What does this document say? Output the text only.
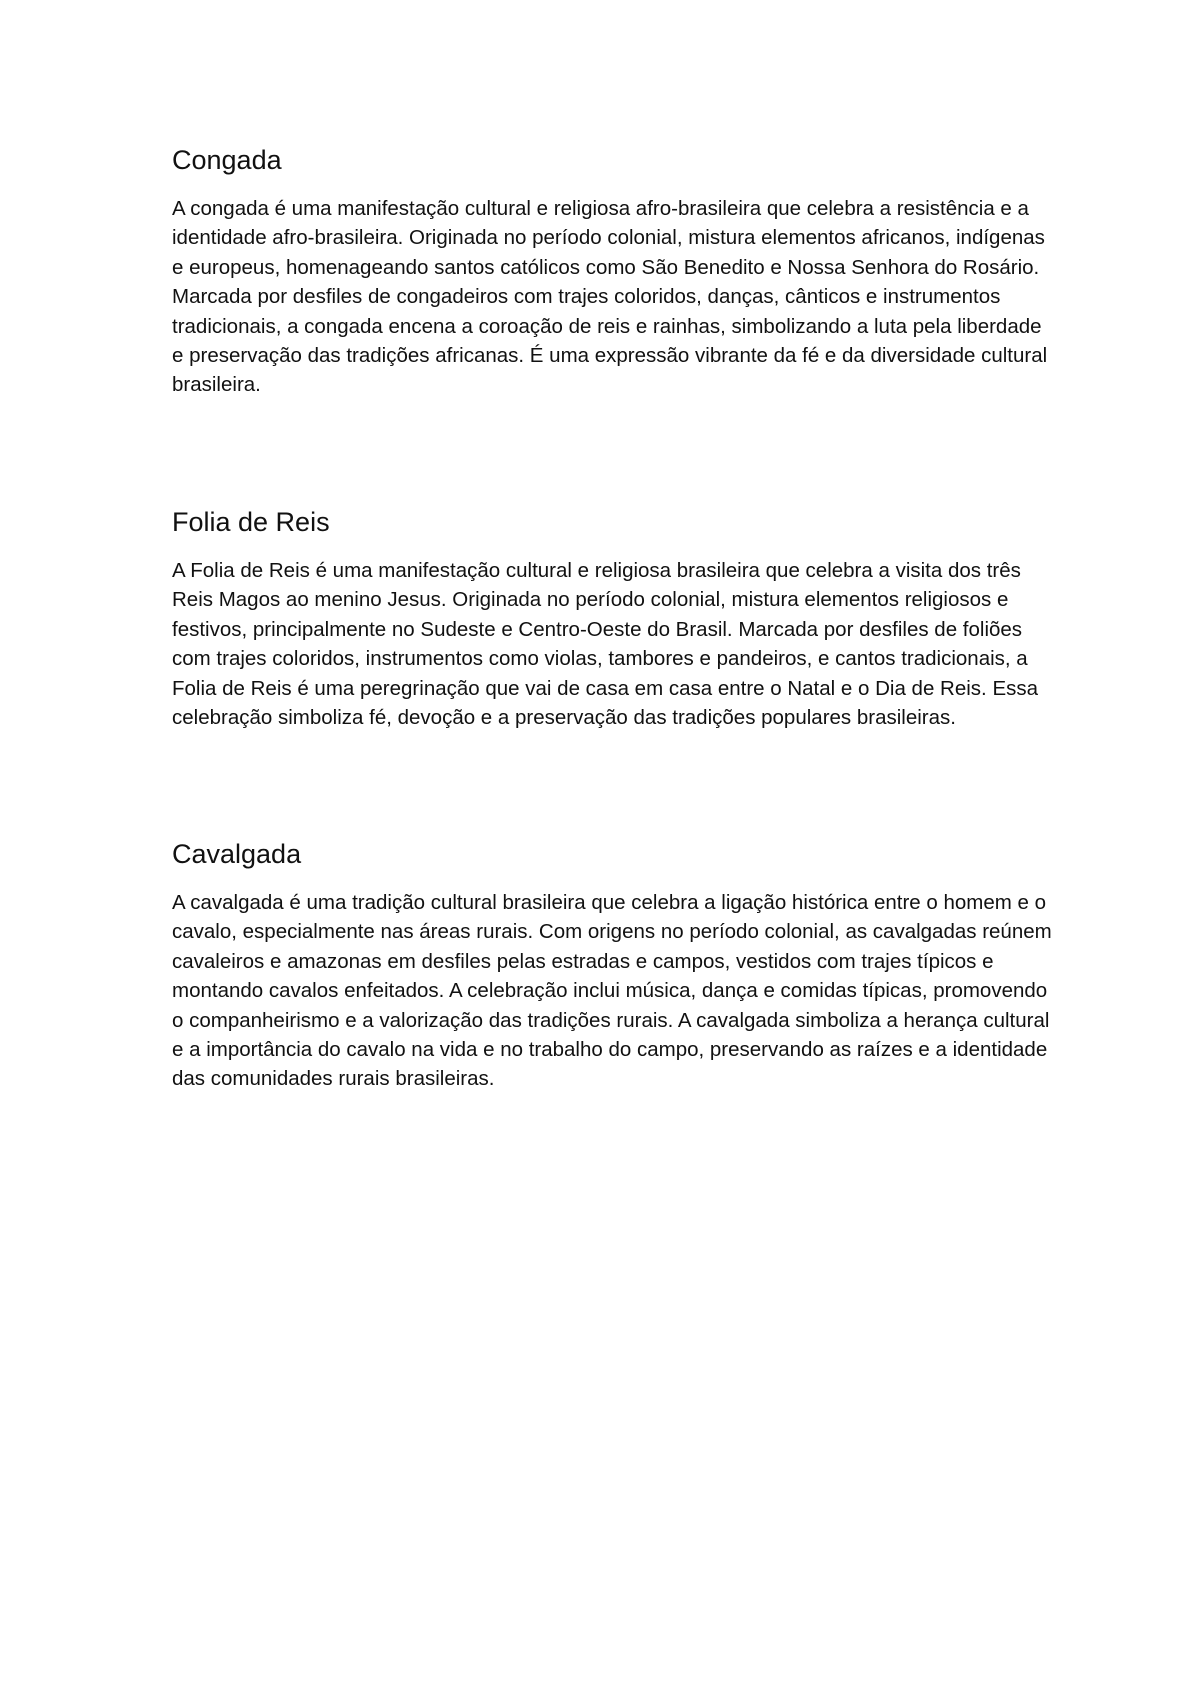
Congada

A congada é uma manifestação cultural e religiosa afro-brasileira que celebra a resistência e a identidade afro-brasileira. Originada no período colonial, mistura elementos africanos, indígenas e europeus, homenageando santos católicos como São Benedito e Nossa Senhora do Rosário. Marcada por desfiles de congadeiros com trajes coloridos, danças, cânticos e instrumentos tradicionais, a congada encena a coroação de reis e rainhas, simbolizando a luta pela liberdade e preservação das tradições africanas. É uma expressão vibrante da fé e da diversidade cultural brasileira.

Folia de Reis

A Folia de Reis é uma manifestação cultural e religiosa brasileira que celebra a visita dos três Reis Magos ao menino Jesus. Originada no período colonial, mistura elementos religiosos e festivos, principalmente no Sudeste e Centro-Oeste do Brasil. Marcada por desfiles de foliões com trajes coloridos, instrumentos como violas, tambores e pandeiros, e cantos tradicionais, a Folia de Reis é uma peregrinação que vai de casa em casa entre o Natal e o Dia de Reis. Essa celebração simboliza fé, devoção e a preservação das tradições populares brasileiras.

Cavalgada

A cavalgada é uma tradição cultural brasileira que celebra a ligação histórica entre o homem e o cavalo, especialmente nas áreas rurais. Com origens no período colonial, as cavalgadas reúnem cavaleiros e amazonas em desfiles pelas estradas e campos, vestidos com trajes típicos e montando cavalos enfeitados. A celebração inclui música, dança e comidas típicas, promovendo o companheirismo e a valorização das tradições rurais. A cavalgada simboliza a herança cultural e a importância do cavalo na vida e no trabalho do campo, preservando as raízes e a identidade das comunidades rurais brasileiras.
